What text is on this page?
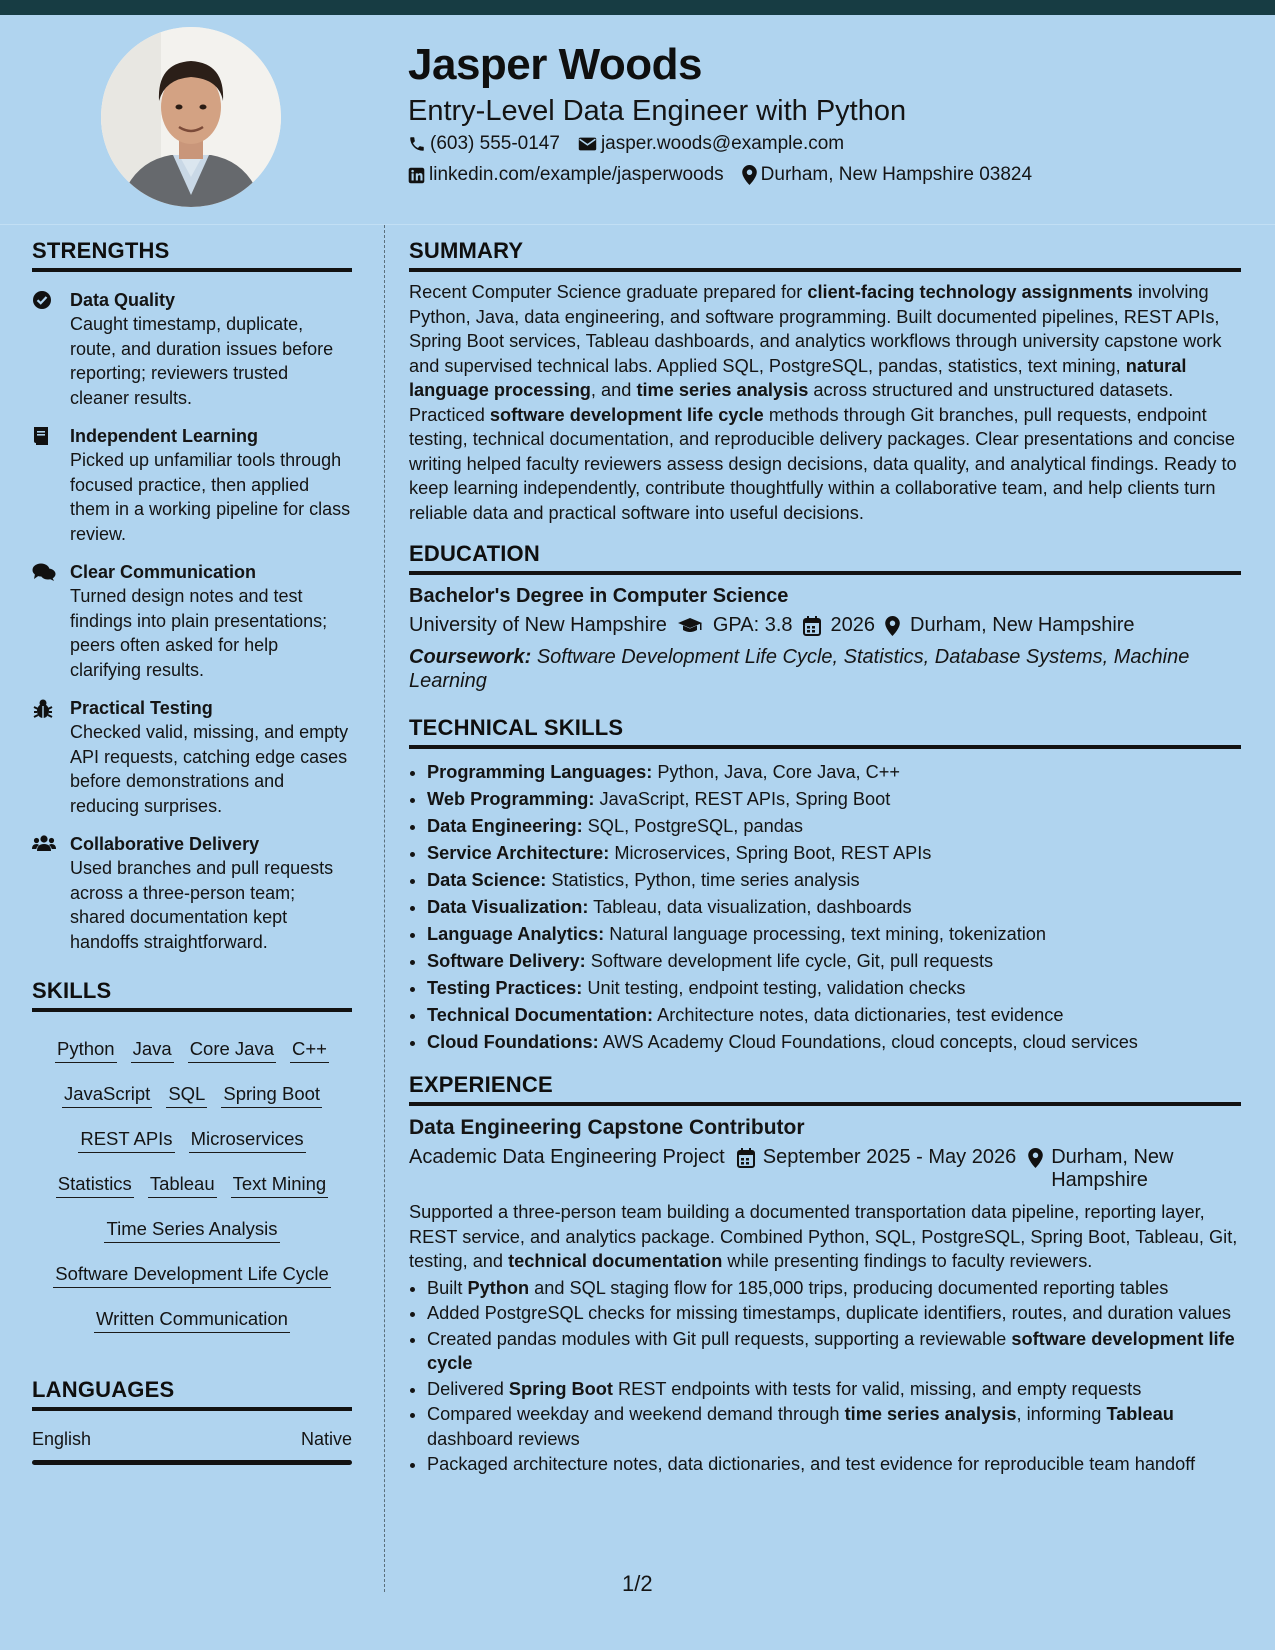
Jasper Woods
Entry-Level Data Engineer with Python
(603) 555-0147 jasper.woods@example.com
linkedin.com/example/jasperwoods Durham, New Hampshire 03824
STRENGTHS
Data Quality
Caught timestamp, duplicate, route, and duration issues before reporting; reviewers trusted cleaner results.
Independent Learning
Picked up unfamiliar tools through focused practice, then applied them in a working pipeline for class review.
Clear Communication
Turned design notes and test findings into plain presentations; peers often asked for help clarifying results.
Practical Testing
Checked valid, missing, and empty API requests, catching edge cases before demonstrations and reducing surprises.
Collaborative Delivery
Used branches and pull requests across a three-person team; shared documentation kept handoffs straightforward.
SKILLS
Python Java Core Java C++
JavaScript SQL Spring Boot
REST APIs Microservices
Statistics Tableau Text Mining
Time Series Analysis
Software Development Life Cycle
Written Communication
LANGUAGES
English	Native
SUMMARY
Recent Computer Science graduate prepared for client-facing technology assignments involving Python, Java, data engineering, and software programming. Built documented pipelines, REST APIs, Spring Boot services, Tableau dashboards, and analytics workflows through university capstone work and supervised technical labs. Applied SQL, PostgreSQL, pandas, statistics, text mining, natural language processing, and time series analysis across structured and unstructured datasets. Practiced software development life cycle methods through Git branches, pull requests, endpoint testing, technical documentation, and reproducible delivery packages. Clear presentations and concise writing helped faculty reviewers assess design decisions, data quality, and analytical findings. Ready to keep learning independently, contribute thoughtfully within a collaborative team, and help clients turn reliable data and practical software into useful decisions.
EDUCATION
Bachelor's Degree in Computer Science
University of New Hampshire GPA: 3.8 2026 Durham, New Hampshire
Coursework: Software Development Life Cycle, Statistics, Database Systems, Machine Learning
TECHNICAL SKILLS
• Programming Languages: Python, Java, Core Java, C++
• Web Programming: JavaScript, REST APIs, Spring Boot
• Data Engineering: SQL, PostgreSQL, pandas
• Service Architecture: Microservices, Spring Boot, REST APIs
• Data Science: Statistics, Python, time series analysis
• Data Visualization: Tableau, data visualization, dashboards
• Language Analytics: Natural language processing, text mining, tokenization
• Software Delivery: Software development life cycle, Git, pull requests
• Testing Practices: Unit testing, endpoint testing, validation checks
• Technical Documentation: Architecture notes, data dictionaries, test evidence
• Cloud Foundations: AWS Academy Cloud Foundations, cloud concepts, cloud services
EXPERIENCE
Data Engineering Capstone Contributor
Academic Data Engineering Project September 2025 - May 2026 Durham, New Hampshire
Supported a three-person team building a documented transportation data pipeline, reporting layer, REST service, and analytics package. Combined Python, SQL, PostgreSQL, Spring Boot, Tableau, Git, testing, and technical documentation while presenting findings to faculty reviewers.
• Built Python and SQL staging flow for 185,000 trips, producing documented reporting tables
• Added PostgreSQL checks for missing timestamps, duplicate identifiers, routes, and duration values
• Created pandas modules with Git pull requests, supporting a reviewable software development life cycle
• Delivered Spring Boot REST endpoints with tests for valid, missing, and empty requests
• Compared weekday and weekend demand through time series analysis, informing Tableau dashboard reviews
• Packaged architecture notes, data dictionaries, and test evidence for reproducible team handoff
1/2
